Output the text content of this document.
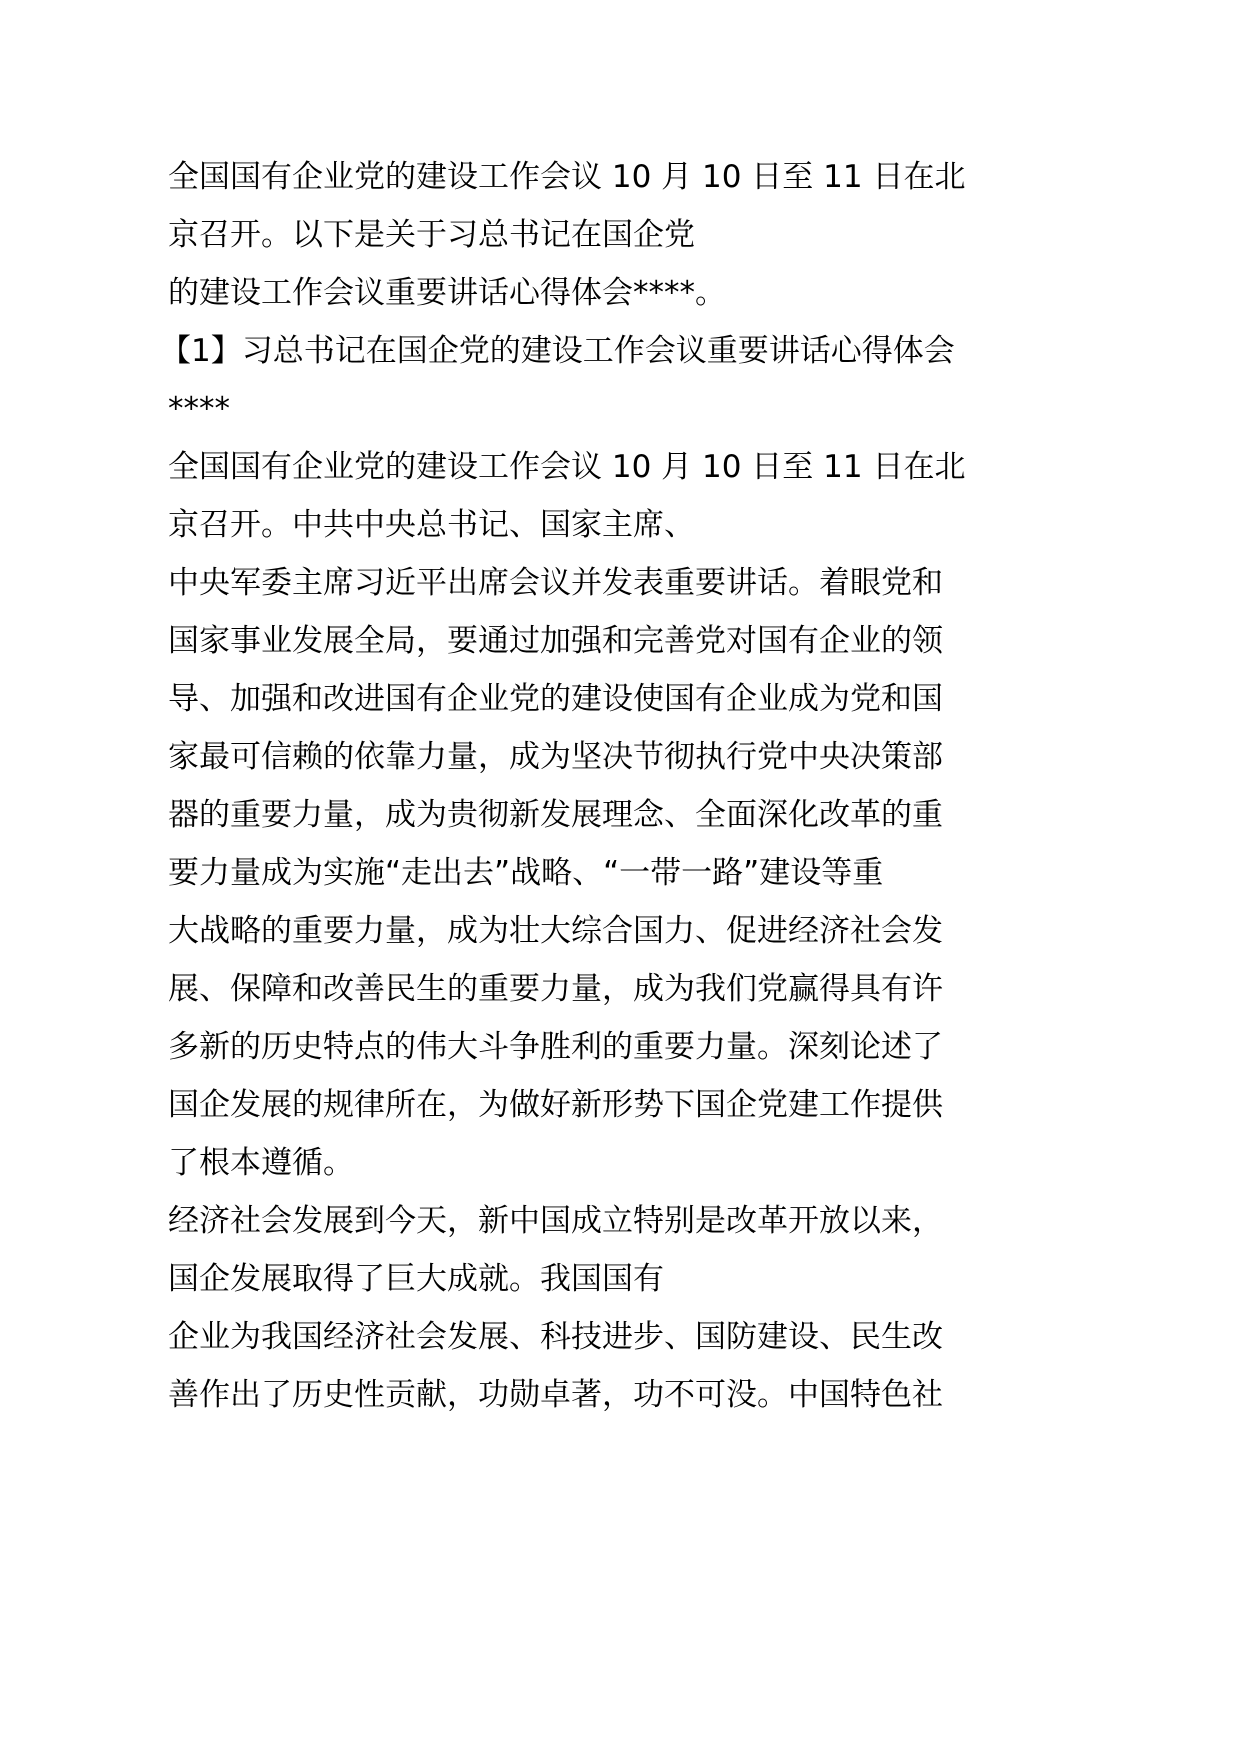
全国国有企业党的建设工作会议 10 月 10 日至 11 日在北
京召开。以下是关于习总书记在国企党
的建设工作会议重要讲话心得体会****。
【1】习总书记在国企党的建设工作会议重要讲话心得体会
****
全国国有企业党的建设工作会议 10 月 10 日至 11 日在北
京召开。中共中央总书记、国家主席、
中央军委主席习近平出席会议并发表重要讲话。着眼党和
国家事业发展全局，要通过加强和完善党对国有企业的领
导、加强和改进国有企业党的建设使国有企业成为党和国
家最可信赖的依靠力量，成为坚决节彻执行党中央决策部
器的重要力量，成为贵彻新发展理念、全面深化改革的重
要力量成为实施“走出去”战略、“一带一路”建设等重
大战略的重要力量，成为壮大综合国力、促进经济社会发
展、保障和改善民生的重要力量，成为我们党赢得具有许
多新的历史特点的伟大斗争胜利的重要力量。深刻论述了
国企发展的规律所在，为做好新形势下国企党建工作提供
了根本遵循。
经济社会发展到今天，新中国成立特别是改革开放以来，
国企发展取得了巨大成就。我国国有
企业为我国经济社会发展、科技进步、国防建设、民生改
善作出了历史性贡献，功勋卓著，功不可没。中国特色社
